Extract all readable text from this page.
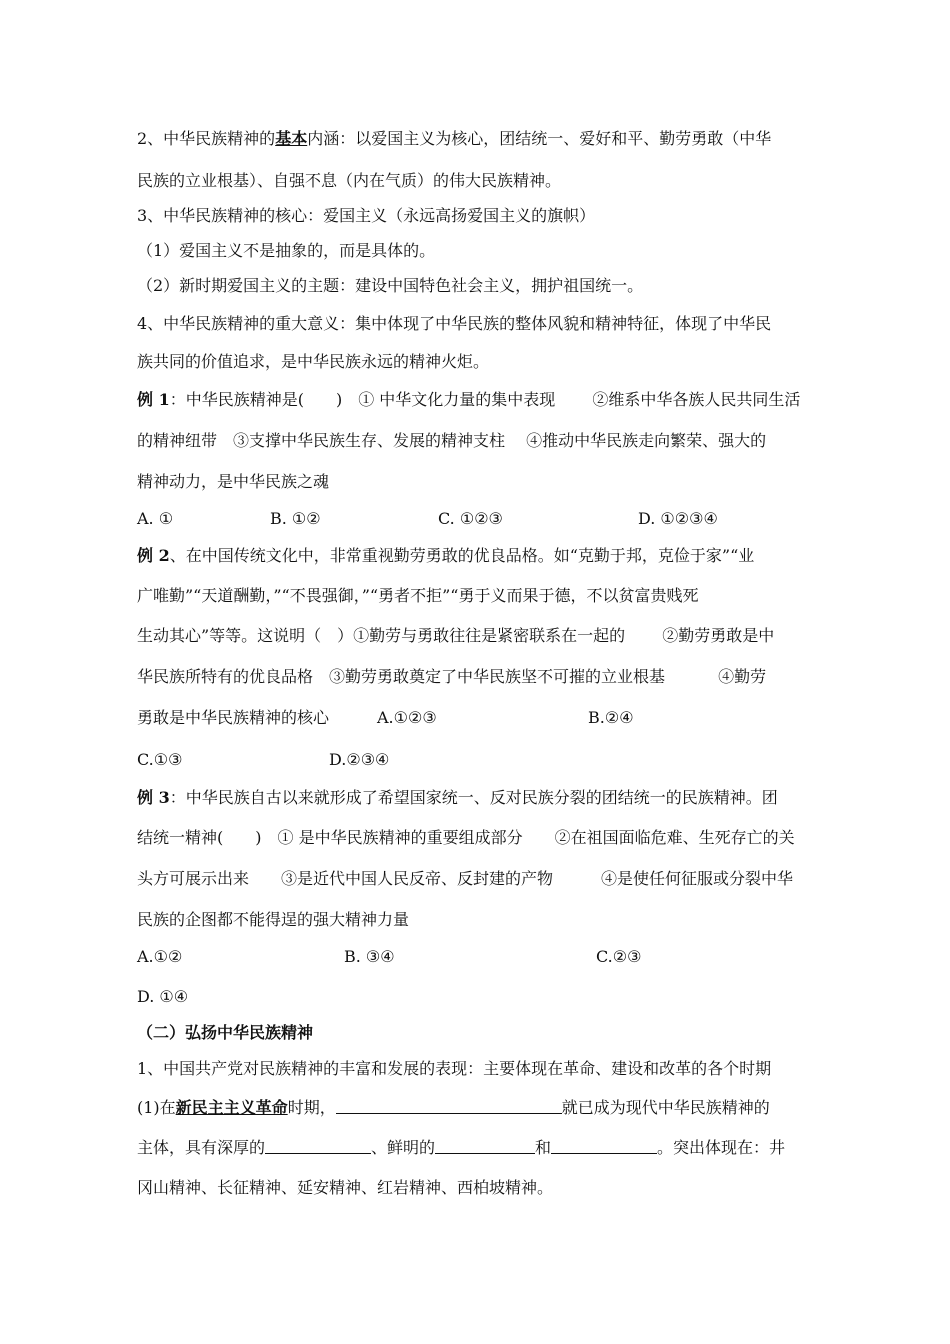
2、中华民族精神的基本内涵：以爱国主义为核心，团结统一、爱好和平、勤劳勇敢（中华
民族的立业根基）、自强不息（内在气质）的伟大民族精神。
3、中华民族精神的核心：爱国主义（永远高扬爱国主义的旗帜）
（1）爱国主义不是抽象的，而是具体的。
（2）新时期爱国主义的主题：建设中国特色社会主义，拥护祖国统一。
4、中华民族精神的重大意义：集中体现了中华民族的整体风貌和精神特征，体现了中华民
族共同的价值追求，是中华民族永远的精神火炬。
例 1：中华民族精神是(　　)　① 中华文化力量的集中表现　　 ②维系中华各族人民共同生活
的精神纽带　③支撑中华民族生存、发展的精神支柱　 ④推动中华民族走向繁荣、强大的
精神动力，是中华民族之魂
A. ①	B. ①②	C. ①②③	D. ①②③④
例 2、在中国传统文化中，非常重视勤劳勇敢的优良品格。如“克勤于邦，克俭于家”“业
广唯勤”“天道酬勤，”“不畏强御，”“勇者不拒”“勇于义而果于德，不以贫富贵贱死
生动其心”等等。这说明（　）①勤劳与勇敢往往是紧密联系在一起的　　 ②勤劳勇敢是中
华民族所特有的优良品格　③勤劳勇敢奠定了中华民族坚不可摧的立业根基　　　 ④勤劳
勇敢是中华民族精神的核心	A.①②③	B.②④
C.①③	D.②③④
例 3：中华民族自古以来就形成了希望国家统一、反对民族分裂的团结统一的民族精神。团
结统一精神(　　)　① 是中华民族精神的重要组成部分　　②在祖国面临危难、生死存亡的关
头方可展示出来　　③是近代中国人民反帝、反封建的产物　　　④是使任何征服或分裂中华
民族的企图都不能得逞的强大精神力量
A.①②	B. ③④	C.②③
D. ①④
（二）弘扬中华民族精神
1、中国共产党对民族精神的丰富和发展的表现：主要体现在革命、建设和改革的各个时期
(1)在新民主主义革命时期，	就已成为现代中华民族精神的
主体，具有深厚的	、鲜明的	和	。突出体现在：井
冈山精神、长征精神、延安精神、红岩精神、西柏坡精神。
